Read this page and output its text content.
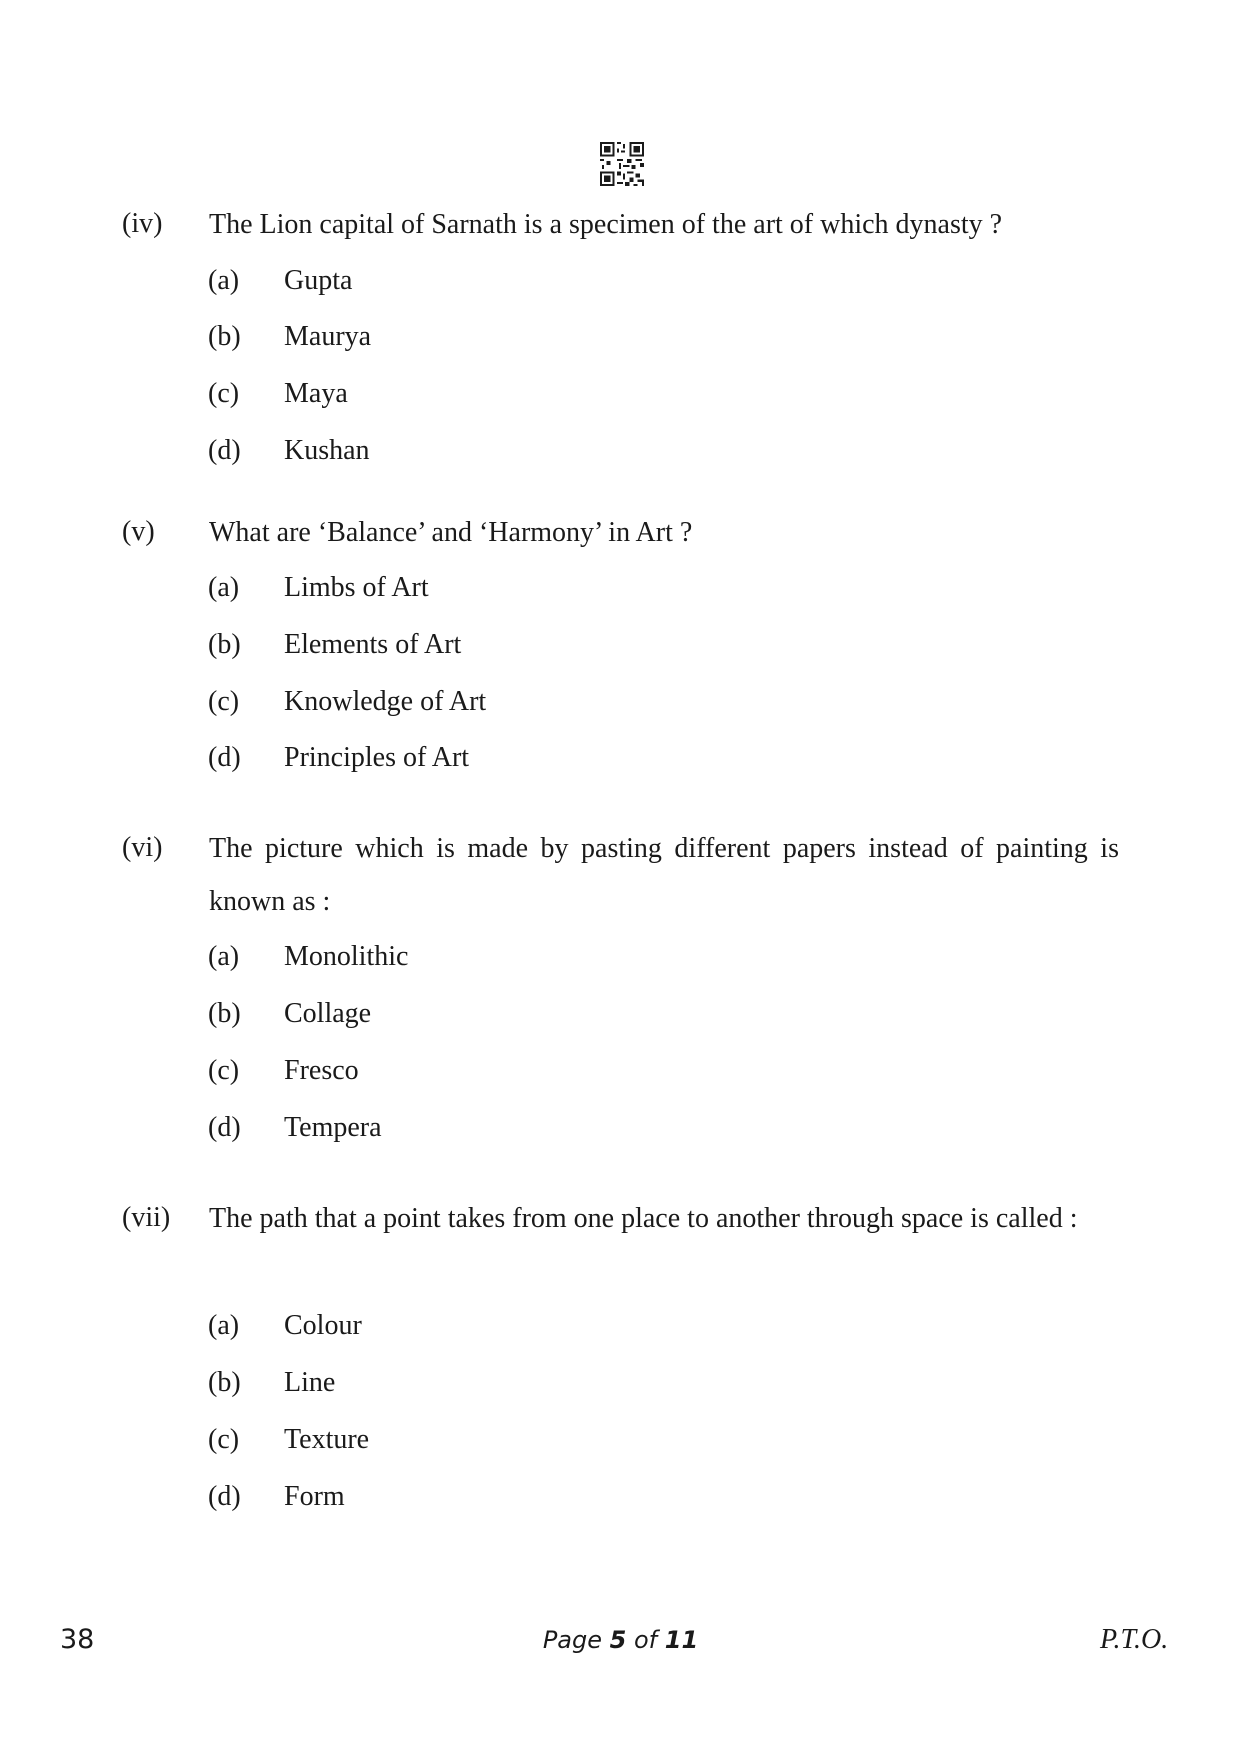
(iv) The Lion capital of Sarnath is a specimen of the art of which dynasty ?
(a) Gupta
(b) Maurya
(c) Maya
(d) Kushan
(v) What are ‘Balance’ and ‘Harmony’ in Art ?
(a) Limbs of Art
(b) Elements of Art
(c) Knowledge of Art
(d) Principles of Art
(vi) The picture which is made by pasting different papers instead of painting is known as :
(a) Monolithic
(b) Collage
(c) Fresco
(d) Tempera
(vii) The path that a point takes from one place to another through space is called :
(a) Colour
(b) Line
(c) Texture
(d) Form
38	Page 5 of 11	P.T.O.
